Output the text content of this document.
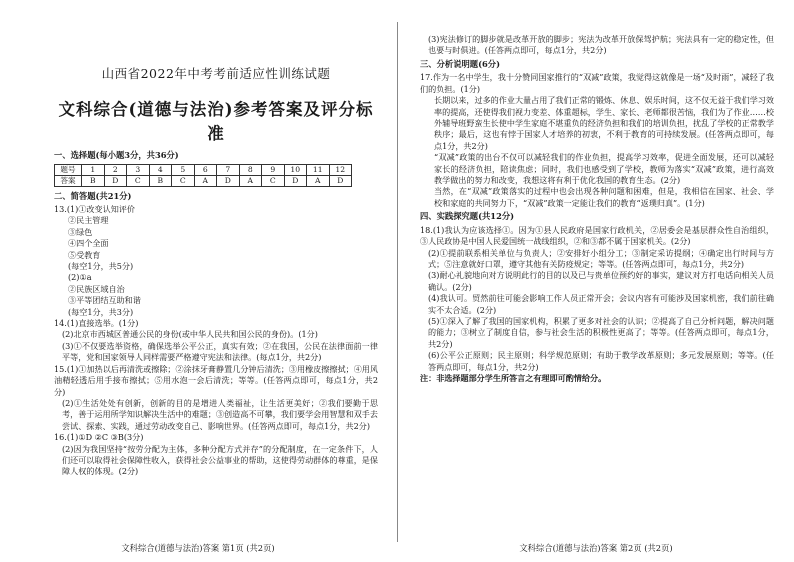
山西省2022年中考考前适应性训练试题
文科综合(道德与法治)参考答案及评分标准
一、选择题(每小题3分，共36分)
题号	1	2	3	4	5	6	7	8	9	10	11	12
答案	B	D	C	B	C	A	D	A	C	D	A	D
二、简答题(共21分)
13.(1)①改变认知评价
②民主管理
③绿色
④四个全面
⑤受教育
(每空1分，共5分)
(2)①a
②民族区域自治
③平等团结互助和谐
(每空1分，共3分)
14.(1)直接选举。(1分)
(2)北京市西城区普通公民的身份(或中华人民共和国公民的身份)。(1分)
(3)①不仅要选举资格，确保选举公平公正，真实有效；②在我国，公民在法律面前一律平等，党和国家领导人同样需要严格遵守宪法和法律。(每点1分，共2分)
15.(1)①加热以后再清洗或擦除；②涂抹牙膏静置几分钟后清洗；③用橡皮擦擦拭；④用风油精轻透后用手接布擦拭；⑤用水泡一会后清洗；等等。(任答两点即可，每点1分，共2分)
(2)①生活处处有创新，创新的目的是增进人类福祉，让生活更美好；②我们要勤于思考，善于运用所学知识解决生活中的难题；③创造高不可攀，我们要学会用智慧和双手去尝试、探索、实践，通过劳动改变自己、影响世界。(任答两点即可，每点1分，共2分)
16.(1)①D ②C ③B(3分)
(2)因为我国坚持“按劳分配为主体，多种分配方式并存”的分配制度，在一定条件下，人们还可以取得社会保障性收入，获得社会公益事业的帮助，这使得劳动群体的尊重，是保障人权的体现。(2分)
文科综合(道德与法治)答案 第1页 (共2页)
(3)宪法修订的脚步就是改革开放的脚步；宪法为改革开放保驾护航；宪法具有一定的稳定性，但也要与时俱进。(任答两点即可，每点1分，共2分)
三、分析说明题(6分)
17.作为一名中学生，我十分赞同国家推行的“双减”政策，我觉得这就像是一场“及时雨”，减轻了我们的负担。(1分)
长期以来，过多的作业大量占用了我们正常的锻炼、休息、娱乐时间，这不仅无益于我们学习效率的提高，还使得我们视力变差、体重超标，学生、家长、老师都很苦恼，我们为了作业……校外辅导班野蛮生长使中学生家庭不堪重负的经济负担和我们的培训负担，扰乱了学校的正常教学秩序；最后，这也有悖于国家人才培养的初衷，不利于教育的可持续发展。(任答两点即可，每点1分，共2分)
“双减”政策的出台不仅可以减轻我们的作业负担，提高学习效率，促进全面发展，还可以减轻家长的经济负担，陪读焦虑；同时，我们也感受到了学校，教师为落实“双减”政策，进行高效教学做出的努力和改变，我想这将有利于优化我国的教育生态。(2分)
当然，在“双减”政策落实的过程中也会出现各种问题和困难，但是，我相信在国家、社会、学校和家庭的共同努力下，“双减”政策一定能让我们的教育“返璞归真”。(1分)
四、实践探究题(共12分)
18.(1)我认为应该选择①。因为①县人民政府是国家行政机关，②居委会是基层群众性自治组织，③人民政协是中国人民爱国统一战线组织，②和③都不属于国家机关。(2分)
(2)①提前联系相关单位与负责人；②安排好小组分工；③制定采访提纲；④确定出行时间与方式；⑤注意就好口罩，遵守其他有关防疫规定；等等。(任答两点即可，每点1分，共2分)
(3)耐心礼貌地向对方说明此行的目的以及已与贵单位预约好的事实，建议对方打电话向相关人员确认。(2分)
(4)我认可。贸然前往可能会影响工作人员正常开会；会议内容有可能涉及国家机密，我们前往确实不太合适。(2分)
(5)①深入了解了我国的国家机构，积累了更多对社会的认识；②提高了自己分析问题，解决问题的能力；③树立了制度自信，参与社会生活的积极性更高了；等等。(任答两点即可，每点1分，共2分)
(6)公平公正原则；民主原则；科学规范原则；有助于教学改革原则；多元发展原则；等等。(任答两点即可，每点1分，共2分)
注：非选择题部分学生所答言之有理即可酌情给分。
文科综合(道德与法治)答案 第2页 (共2页)
